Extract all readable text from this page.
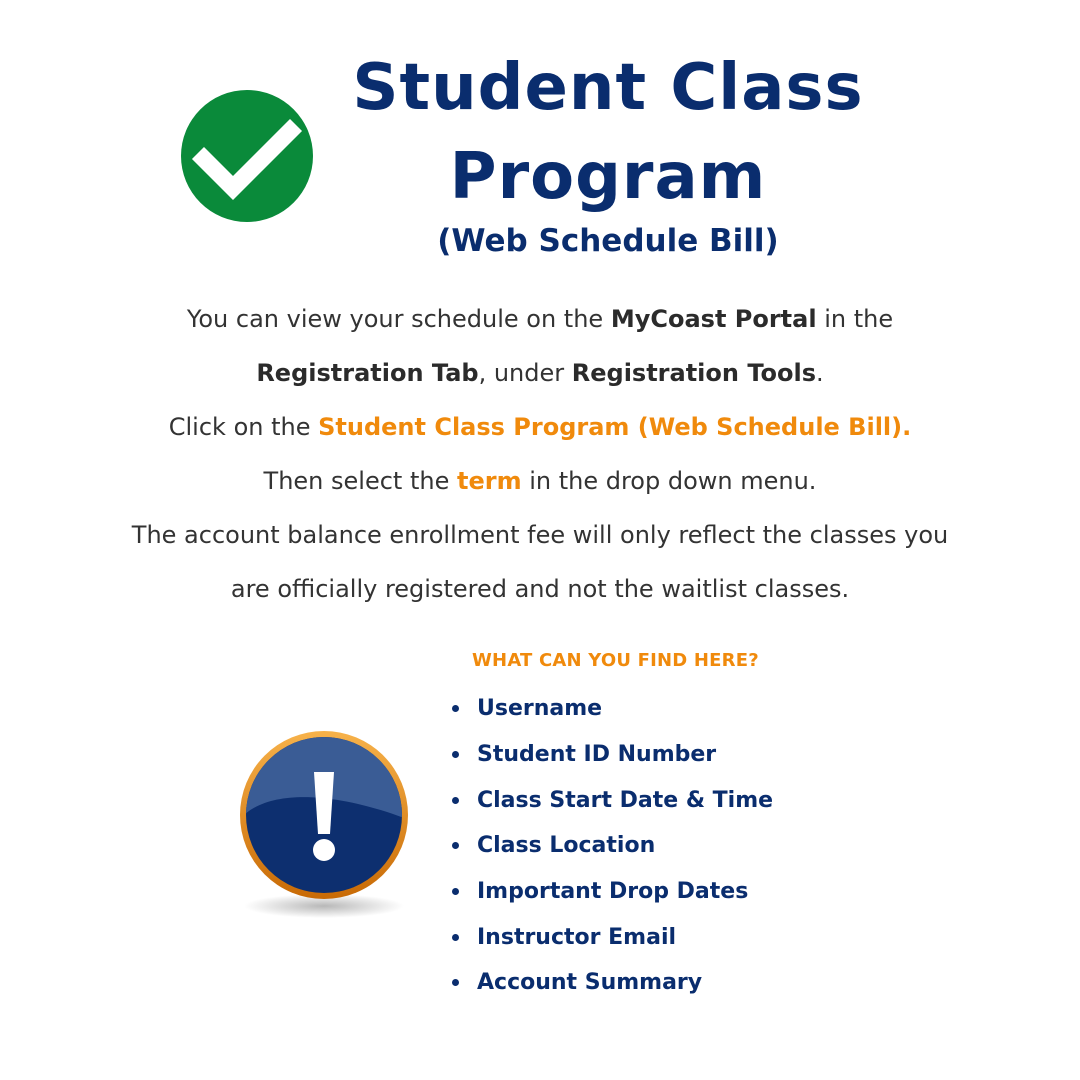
Student Class
Program
(Web Schedule Bill)

You can view your schedule on the MyCoast Portal in the

Registration Tab, under Registration Tools.

Click on the Student Class Program (Web Schedule Bill).

Then select the term in the drop down menu.

The account balance enrollment fee will only reflect the classes you

are officially registered and not the waitlist classes.

WHAT CAN YOU FIND HERE?
Username
Student ID Number
Class Start Date & Time
Class Location
Important Drop Dates
Instructor Email
Account Summary
